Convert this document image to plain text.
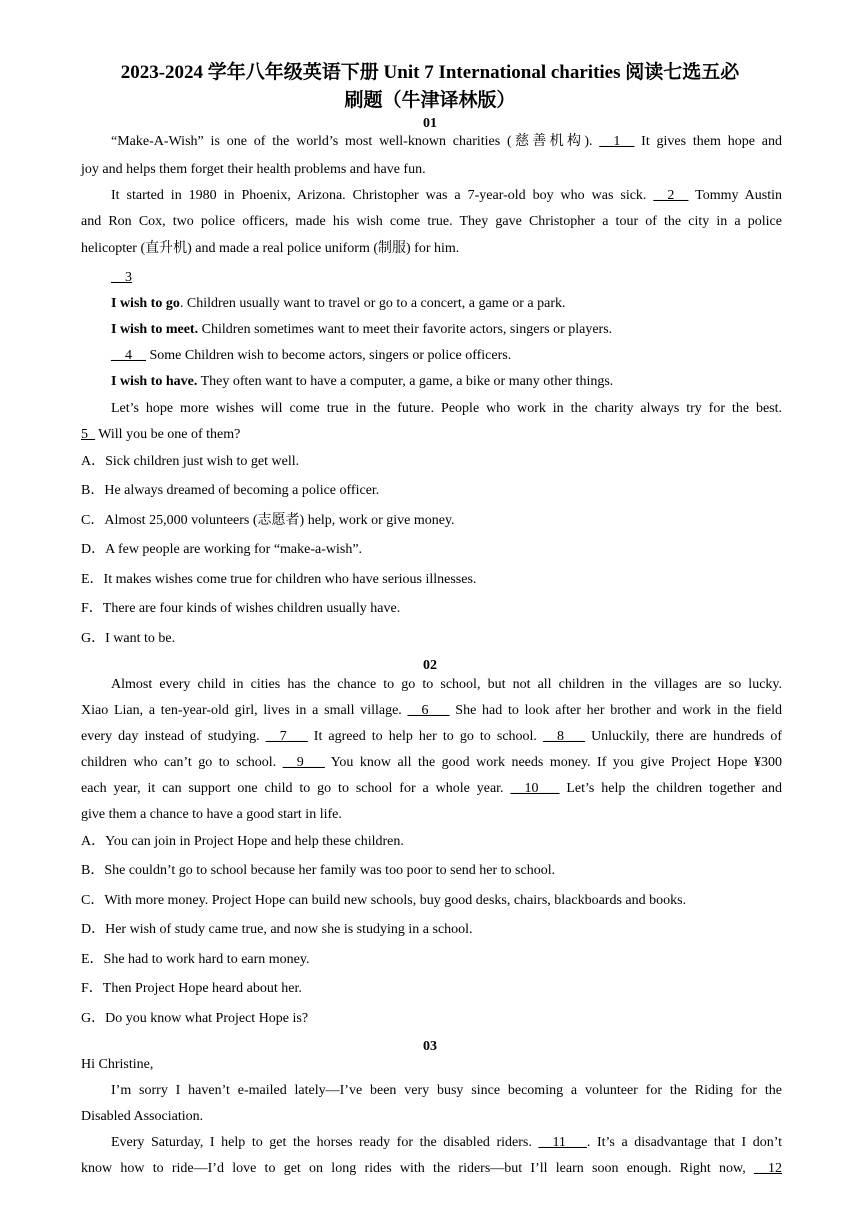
2023-2024 学年八年级英语下册 Unit 7 International charities 阅读七选五必
刷题（牛津译林版）
01
“Make-A-Wish” is one of the world’s most well-known charities (慈善机构). __1__ It gives them hope and
joy and helps them forget their health problems and have fun.
It started in 1980 in Phoenix, Arizona. Christopher was a 7-year-old boy who was sick. __2__ Tommy Austin
and Ron Cox, two police officers, made his wish come true. They gave Christopher a tour of the city in a police
helicopter (直升机) and made a real police uniform (制服) for him.
__3
I wish to go. Children usually want to travel or go to a concert, a game or a park.
I wish to meet. Children sometimes want to meet their favorite actors, singers or players.
__4__ Some Children wish to become actors, singers or police officers.
I wish to have. They often want to have a computer, a game, a bike or many other things.
Let’s hope more wishes will come true in the future. People who work in the charity always try for the best.
5_ Will you be one of them?
A．Sick children just wish to get well.
B．He always dreamed of becoming a police officer.
C．Almost 25,000 volunteers (志愿者) help, work or give money.
D．A few people are working for “make-a-wish”.
E．It makes wishes come true for children who have serious illnesses.
F．There are four kinds of wishes children usually have.
G．I want to be.
02
Almost every child in cities has the chance to go to school, but not all children in the villages are so lucky.
Xiao Lian, a ten-year-old girl, lives in a small village. __6___ She had to look after her brother and work in the field
every day instead of studying. __7___ It agreed to help her to go to school. __8___ Unluckily, there are hundreds of
children who can’t go to school. __9___ You know all the good work needs money. If you give Project Hope ¥300
each year, it can support one child to go to school for a whole year. __10___ Let’s help the children together and
give them a chance to have a good start in life.
A．You can join in Project Hope and help these children.
B．She couldn’t go to school because her family was too poor to send her to school.
C．With more money. Project Hope can build new schools, buy good desks, chairs, blackboards and books.
D．Her wish of study came true, and now she is studying in a school.
E．She had to work hard to earn money.
F．Then Project Hope heard about her.
G．Do you know what Project Hope is?
03
Hi Christine,
I’m sorry I haven’t e-mailed lately—I’ve been very busy since becoming a volunteer for the Riding for the
Disabled Association.
Every Saturday, I help to get the horses ready for the disabled riders. __11___. It’s a disadvantage that I don’t
know how to ride—I’d love to get on long rides with the riders—but I’ll learn soon enough. Right now, __12
